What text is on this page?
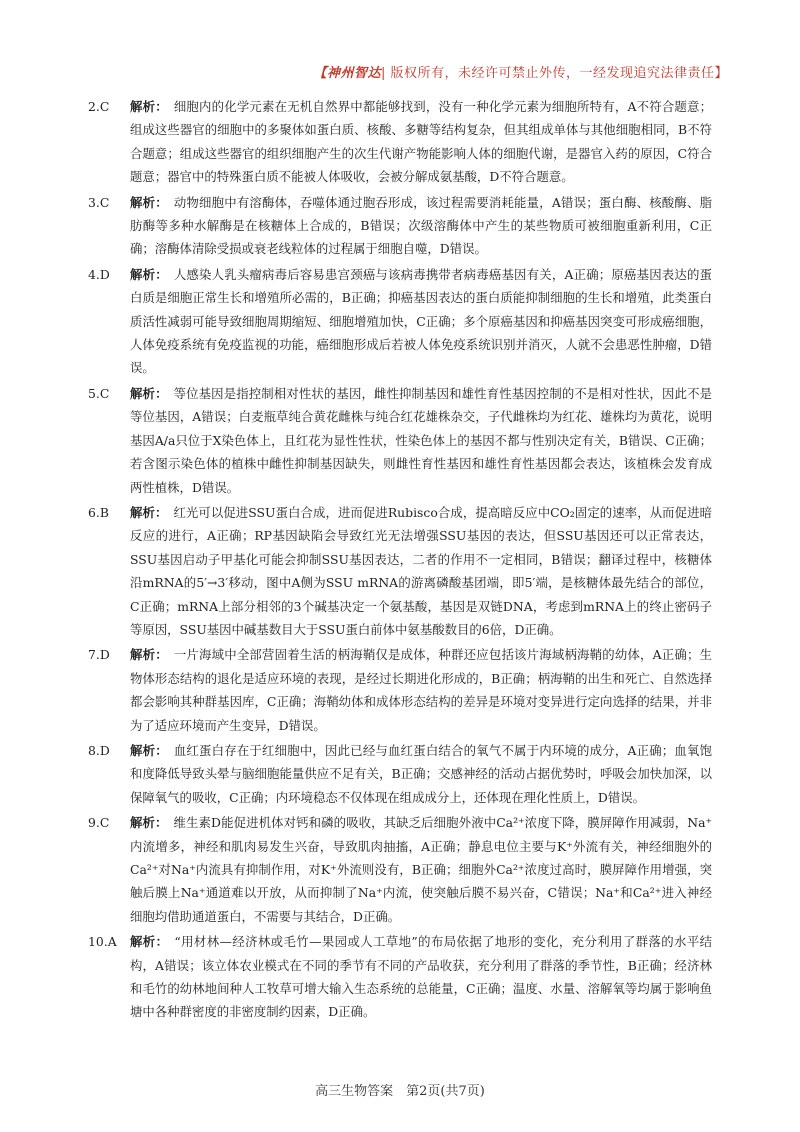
【神州智达| 版权所有，未经许可禁止外传，一经发现追究法律责任】
2.C	解析： 细胞内的化学元素在无机自然界中都能够找到，没有一种化学元素为细胞所特有，A不符合题意；组成这些器官的细胞中的多聚体如蛋白质、核酸、多糖等结构复杂，但其组成单体与其他细胞相同，B不符合题意；组成这些器官的组织细胞产生的次生代谢产物能影响人体的细胞代谢，是器官入药的原因，C符合题意；器官中的特殊蛋白质不能被人体吸收，会被分解成氨基酸，D不符合题意。
3.C	解析： 动物细胞中有溶酶体，吞噬体通过胞吞形成，该过程需要消耗能量，A错误；蛋白酶、核酸酶、脂肪酶等多种水解酶是在核糖体上合成的，B错误；次级溶酶体中产生的某些物质可被细胞重新利用，C正确；溶酶体清除受损或衰老线粒体的过程属于细胞自噬，D错误。
4.D	解析： 人感染人乳头瘤病毒后容易患宫颈癌与该病毒携带者病毒癌基因有关，A正确；原癌基因表达的蛋白质是细胞正常生长和增殖所必需的，B正确；抑癌基因表达的蛋白质能抑制细胞的生长和增殖，此类蛋白质活性减弱可能导致细胞周期缩短、细胞增殖加快，C正确；多个原癌基因和抑癌基因突变可形成癌细胞，人体免疫系统有免疫监视的功能，癌细胞形成后若被人体免疫系统识别并消灭，人就不会患恶性肿瘤，D错误。
5.C	解析： 等位基因是指控制相对性状的基因，雌性抑制基因和雄性育性基因控制的不是相对性状，因此不是等位基因，A错误；白麦瓶草纯合黄花雌株与纯合红花雄株杂交，子代雌株均为红花、雄株均为黄花，说明基因A/a只位于X染色体上，且红花为显性性状，性染色体上的基因不都与性别决定有关，B错误、C正确；若含图示染色体的植株中雌性抑制基因缺失，则雌性育性基因和雄性育性基因都会表达，该植株会发育成两性植株，D错误。
6.B	解析： 红光可以促进SSU蛋白合成，进而促进Rubisco合成，提高暗反应中CO₂固定的速率，从而促进暗反应的进行，A正确；RP基因缺陷会导致红光无法增强SSU基因的表达，但SSU基因还可以正常表达，SSU基因启动子甲基化可能会抑制SSU基因表达，二者的作用不一定相同，B错误；翻译过程中，核糖体沿mRNA的5′→3′移动，图中A侧为SSU mRNA的游离磷酸基团端，即5′端，是核糖体最先结合的部位，C正确；mRNA上部分相邻的3个碱基决定一个氨基酸，基因是双链DNA，考虑到mRNA上的终止密码子等原因，SSU基因中碱基数目大于SSU蛋白前体中氨基酸数目的6倍，D正确。
7.D	解析： 一片海域中全部营固着生活的柄海鞘仅是成体，种群还应包括该片海域柄海鞘的幼体，A正确；生物体形态结构的退化是适应环境的表现，是经过长期进化形成的，B正确；柄海鞘的出生和死亡、自然选择都会影响其种群基因库，C正确；海鞘幼体和成体形态结构的差异是环境对变异进行定向选择的结果，并非为了适应环境而产生变异，D错误。
8.D	解析： 血红蛋白存在于红细胞中，因此已经与血红蛋白结合的氧气不属于内环境的成分，A正确；血氧饱和度降低导致头晕与脑细胞能量供应不足有关，B正确；交感神经的活动占据优势时，呼吸会加快加深，以保障氧气的吸收，C正确；内环境稳态不仅体现在组成成分上，还体现在理化性质上，D错误。
9.C	解析： 维生素D能促进机体对钙和磷的吸收，其缺乏后细胞外液中Ca²⁺浓度下降，膜屏障作用减弱，Na⁺内流增多，神经和肌肉易发生兴奋，导致肌肉抽搐，A正确；静息电位主要与K⁺外流有关，神经细胞外的Ca²⁺对Na⁺内流具有抑制作用，对K⁺外流则没有，B正确；细胞外Ca²⁺浓度过高时，膜屏障作用增强，突触后膜上Na⁺通道难以开放，从而抑制了Na⁺内流，使突触后膜不易兴奋，C错误；Na⁺和Ca²⁺进入神经细胞均借助通道蛋白，不需要与其结合，D正确。
10.A	解析： “用材林—经济林或毛竹—果园或人工草地”的布局依据了地形的变化，充分利用了群落的水平结构，A错误；该立体农业模式在不同的季节有不同的产品收获，充分利用了群落的季节性，B正确；经济林和毛竹的幼林地间种人工牧草可增大输入生态系统的总能量，C正确；温度、水量、溶解氧等均属于影响鱼塘中各种群密度的非密度制约因素，D正确。
高三生物答案　第2页(共7页)
